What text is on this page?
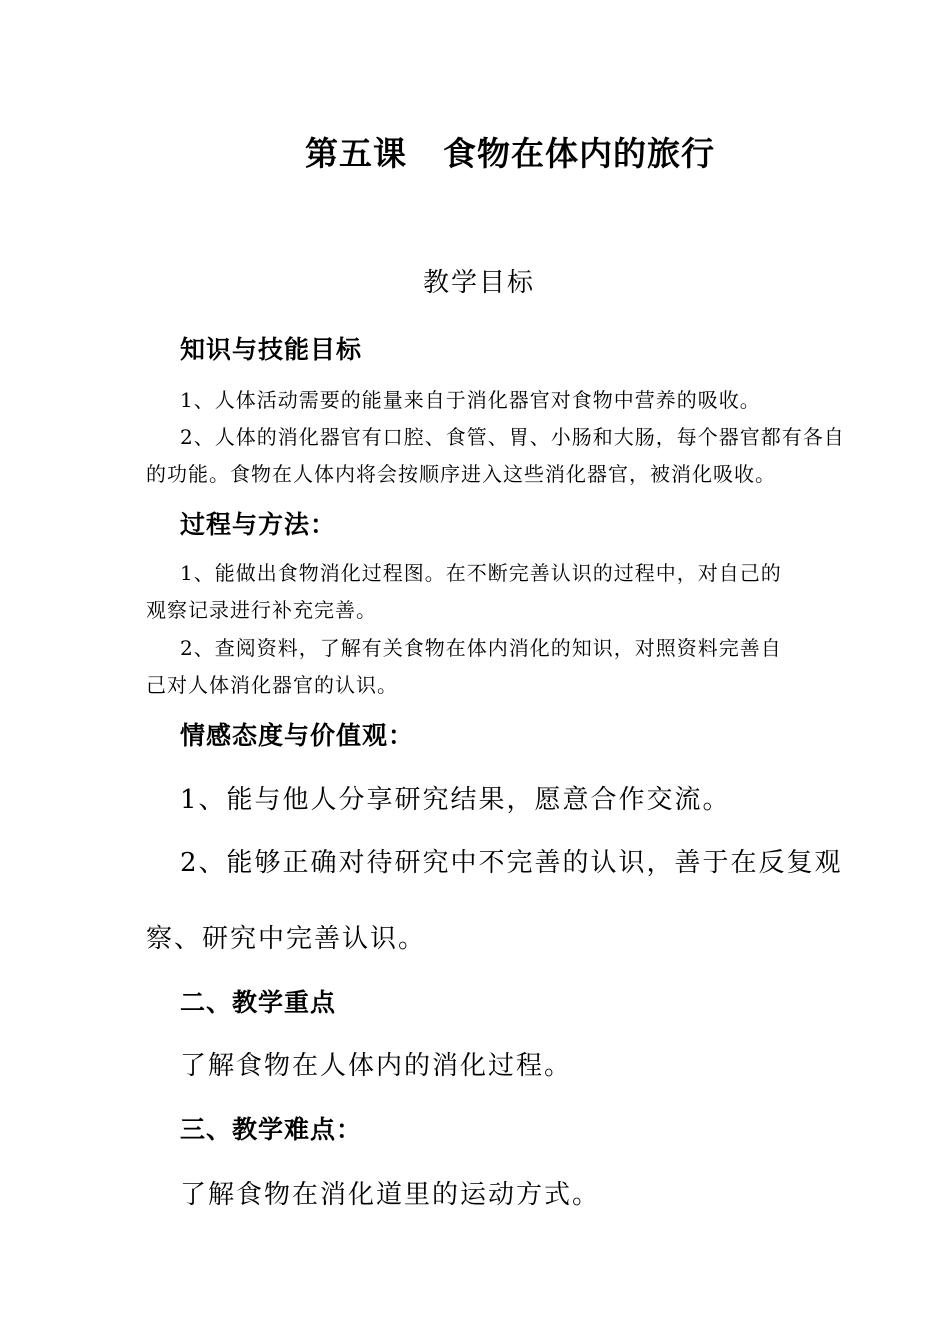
第五课 食物在体内的旅行
教学目标
知识与技能目标
1、人体活动需要的能量来自于消化器官对食物中营养的吸收。
2、人体的消化器官有口腔、食管、胃、小肠和大肠，每个器官都有各自
的功能。食物在人体内将会按顺序进入这些消化器官，被消化吸收。
过程与方法：
1、能做出食物消化过程图。在不断完善认识的过程中，对自己的
观察记录进行补充完善。
2、查阅资料，了解有关食物在体内消化的知识，对照资料完善自
己对人体消化器官的认识。
情感态度与价值观：
1、能与他人分享研究结果，愿意合作交流。
2、能够正确对待研究中不完善的认识，善于在反复观
察、研究中完善认识。
二、教学重点
了解食物在人体内的消化过程。
三、教学难点：
了解食物在消化道里的运动方式。
